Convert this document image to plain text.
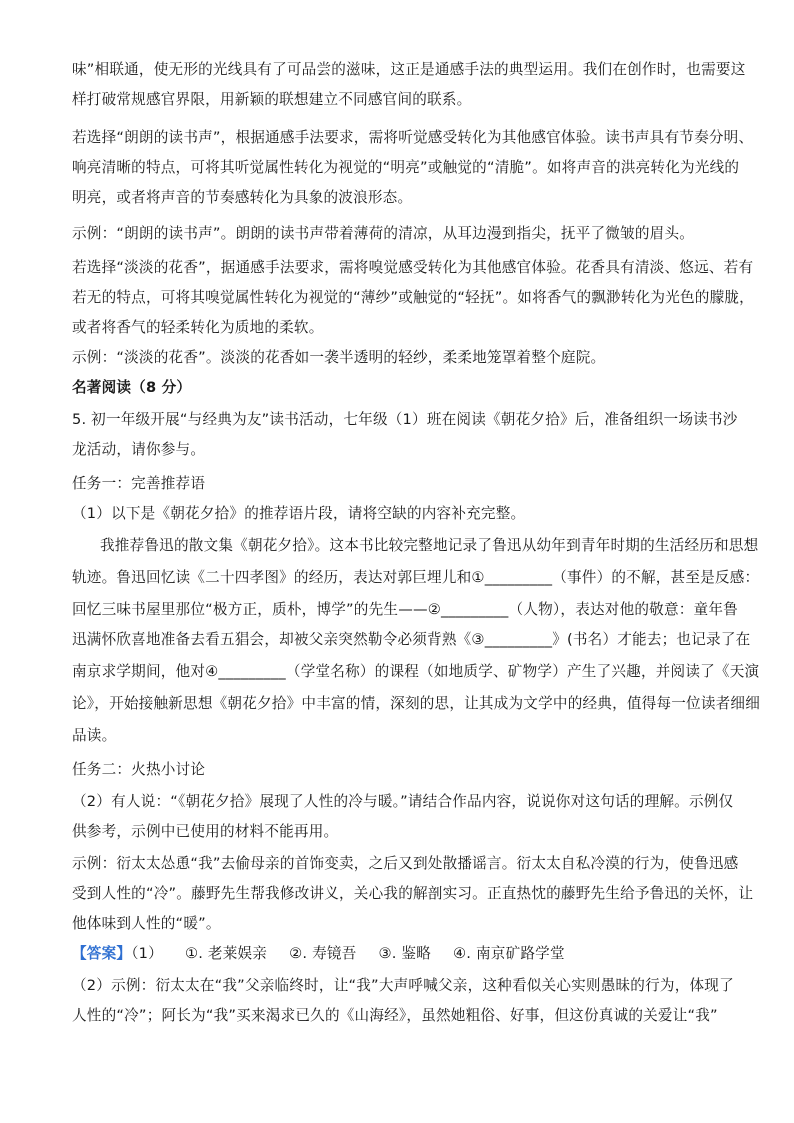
味”相联通，使无形的光线具有了可品尝的滋味，这正是通感手法的典型运用。我们在创作时，也需要这
样打破常规感官界限，用新颖的联想建立不同感官间的联系。
若选择“朗朗的读书声”，根据通感手法要求，需将听觉感受转化为其他感官体验。读书声具有节奏分明、
响亮清晰的特点，可将其听觉属性转化为视觉的“明亮”或触觉的“清脆”。如将声音的洪亮转化为光线的
明亮，或者将声音的节奏感转化为具象的波浪形态。
示例：“朗朗的读书声”。朗朗的读书声带着薄荷的清凉，从耳边漫到指尖，抚平了微皱的眉头。
若选择“淡淡的花香”，据通感手法要求，需将嗅觉感受转化为其他感官体验。花香具有清淡、悠远、若有
若无的特点，可将其嗅觉属性转化为视觉的“薄纱”或触觉的“轻抚”。如将香气的飘渺转化为光色的朦胧，
或者将香气的轻柔转化为质地的柔软。
示例：“淡淡的花香”。淡淡的花香如一袭半透明的轻纱，柔柔地笼罩着整个庭院。
名著阅读（8 分）
5. 初一年级开展“与经典为友”读书活动，七年级（1）班在阅读《朝花夕拾》后，准备组织一场读书沙
龙活动，请你参与。
任务一：完善推荐语
（1）以下是《朝花夕拾》的推荐语片段，请将空缺的内容补充完整。
我推荐鲁迅的散文集《朝花夕拾》。这本书比较完整地记录了鲁迅从幼年到青年时期的生活经历和思想
轨迹。鲁迅回忆读《二十四孝图》的经历，表达对郭巨埋儿和①_________（事件）的不解，甚至是反感：
回忆三味书屋里那位“极方正，质朴，博学”的先生——②_________（人物），表达对他的敬意：童年鲁
迅满怀欣喜地准备去看五猖会，却被父亲突然勒令必须背熟《③_________》(书名）才能去；也记录了在
南京求学期间，他对④_________（学堂名称）的课程（如地质学、矿物学）产生了兴趣，并阅读了《天演
论》，开始接触新思想《朝花夕拾》中丰富的情，深刻的思，让其成为文学中的经典，值得每一位读者细细
品读。
任务二：火热小讨论
（2）有人说：“《朝花夕拾》展现了人性的冷与暖。”请结合作品内容，说说你对这句话的理解。示例仅
供参考，示例中已使用的材料不能再用。
示例：衍太太怂恿“我”去偷母亲的首饰变卖，之后又到处散播谣言。衍太太自私冷漠的行为，使鲁迅感
受到人性的“冷”。藤野先生帮我修改讲义，关心我的解剖实习。正直热忱的藤野先生给予鲁迅的关怀，让
他体味到人性的“暖”。
【答案】（1） ①. 老莱娱亲 ②. 寿镜吾 ③. 鉴略 ④. 南京矿路学堂
（2）示例：衍太太在“我”父亲临终时，让“我”大声呼喊父亲，这种看似关心实则愚昧的行为，体现了
人性的“冷”；阿长为“我”买来渴求已久的《山海经》，虽然她粗俗、好事，但这份真诚的关爱让“我”
